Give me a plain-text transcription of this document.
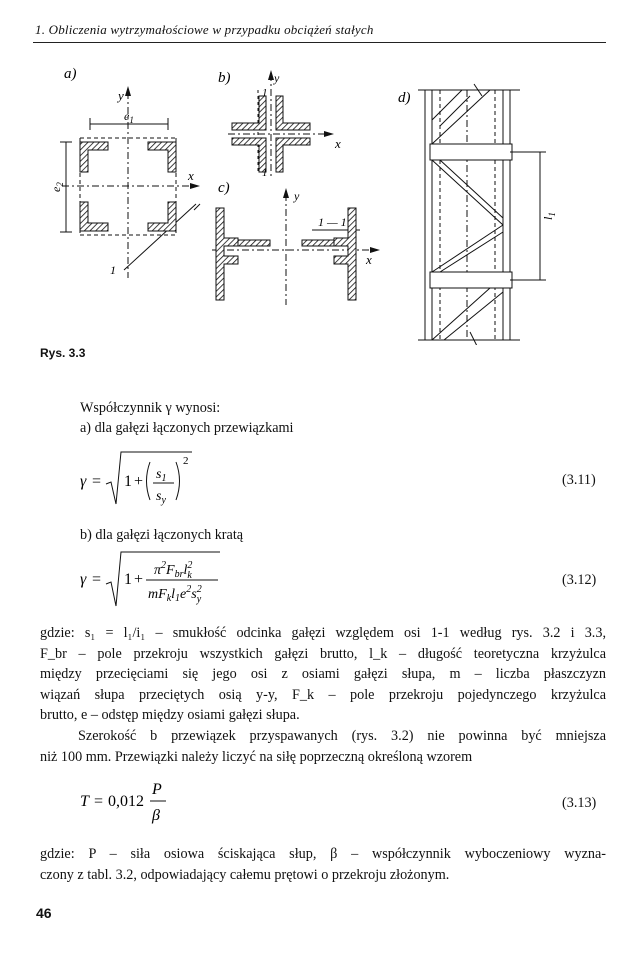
1. Obliczenia wytrzymałościowe w przypadku obciążeń stałych
a)	b)
c)
d)
y
x
$e_1$
$e_2$
1
y
x
1
1
y
x
1 — 1	$l_1$
Rys. 3.3
Współczynnik γ wynosi:
a) dla gałęzi łączonych przewiązkami
$\gamma = 1 + s_1$
$s_y$
2
(3.11)
b) dla gałęzi łączonych kratą
γ = 1 +
$\pi^2F_{br}l^2$ k
$mF_kl_1e^2s^2$ y
(3.12)
gdzie: s₁ = l₁/i₁ – smukłość odcinka gałęzi względem osi 1-1 według rys. 3.2 i 3.3,
F_br – pole przekroju wszystkich gałęzi brutto, l_k – długość teoretyczna krzyżulca
między przecięciami się jego osi z osiami gałęzi słupa, m – liczba płaszczyzn
wiązań słupa przeciętych osią y-y, F_k – pole przekroju pojedynczego krzyżulca
brutto, e – odstęp między osiami gałęzi słupa.
Szerokość b przewiązek przyspawanych (rys. 3.2) nie powinna być mniejsza
niż 100 mm. Przewiązki należy liczyć na siłę poprzeczną określoną wzorem
T = 0,012
P
β
(3.13)
gdzie: P – siła osiowa ściskająca słup, β – współczynnik wyboczeniowy wyzna-
czony z tabl. 3.2, odpowiadający całemu prętowi o przekroju złożonym.
46
